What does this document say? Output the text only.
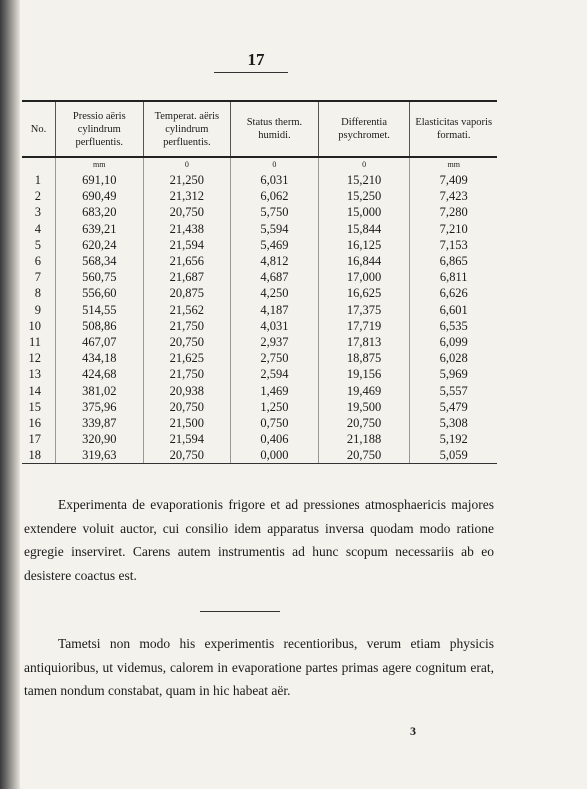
17
No.	Pressio aëris cylindrum perfluentis.	Temperat. aëris cylindrum perfluentis.	Status therm. humidi.	Differentia psychromet.	Elasticitas vaporis formati.
	mm	0	0	0	mm
1	691,10	21,250	6,031	15,210	7,409
2	690,49	21,312	6,062	15,250	7,423
3	683,20	20,750	5,750	15,000	7,280
4	639,21	21,438	5,594	15,844	7,210
5	620,24	21,594	5,469	16,125	7,153
6	568,34	21,656	4,812	16,844	6,865
7	560,75	21,687	4,687	17,000	6,811
8	556,60	20,875	4,250	16,625	6,626
9	514,55	21,562	4,187	17,375	6,601
10	508,86	21,750	4,031	17,719	6,535
11	467,07	20,750	2,937	17,813	6,099
12	434,18	21,625	2,750	18,875	6,028
13	424,68	21,750	2,594	19,156	5,969
14	381,02	20,938	1,469	19,469	5,557
15	375,96	20,750	1,250	19,500	5,479
16	339,87	21,500	0,750	20,750	5,308
17	320,90	21,594	0,406	21,188	5,192
18	319,63	20,750	0,000	20,750	5,059

Experimenta de evaporationis frigore et ad pressiones atmosphaericis majores extendere voluit auctor, cui consilio idem apparatus inversa quodam modo ratione egregie inserviret. Carens autem instrumentis ad hunc scopum necessariis ab eo desistere coactus est.

Tametsi non modo his experimentis recentioribus, verum etiam physicis antiquioribus, ut videmus, calorem in evaporatione partes primas agere cognitum erat, tamen nondum constabat, quam in hic habeat aër.

3
